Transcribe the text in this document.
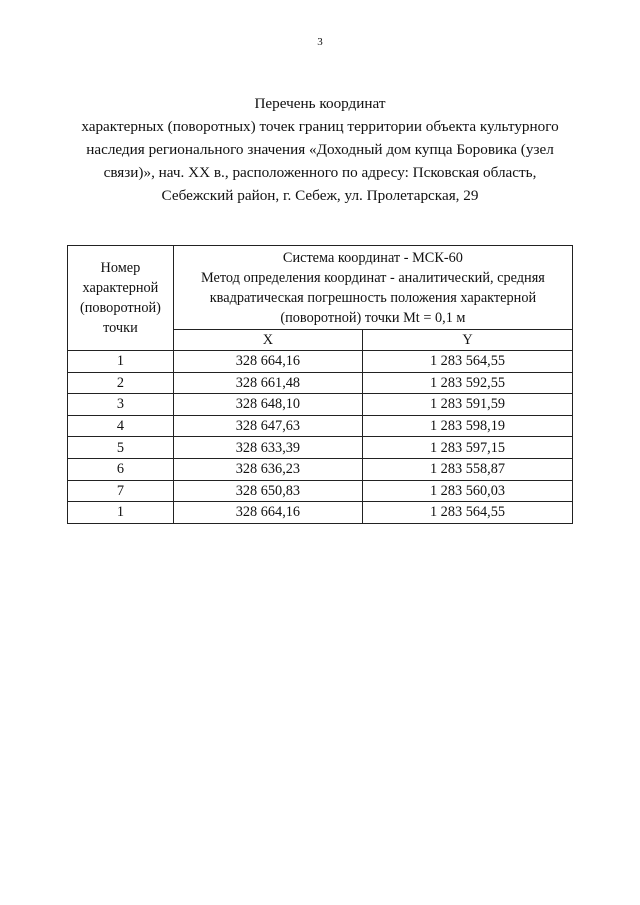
3
Перечень координат
характерных (поворотных) точек границ территории объекта культурного
наследия регионального значения «Доходный дом купца Боровика (узел
связи)», нач. XX в., расположенного по адресу: Псковская область,
Себежский район, г. Себеж, ул. Пролетарская, 29
Номер
характерной
(поворотной)
точки	Система координат - МСК-60
Метод определения координат - аналитический, средняя
квадратическая погрешность положения характерной
(поворотной) точки Mt = 0,1 м	

	X	Y
1	328 664,16	1 283 564,55
2	328 661,48	1 283 592,55
3	328 648,10	1 283 591,59
4	328 647,63	1 283 598,19
5	328 633,39	1 283 597,15
6	328 636,23	1 283 558,87
7	328 650,83	1 283 560,03
1	328 664,16	1 283 564,55
